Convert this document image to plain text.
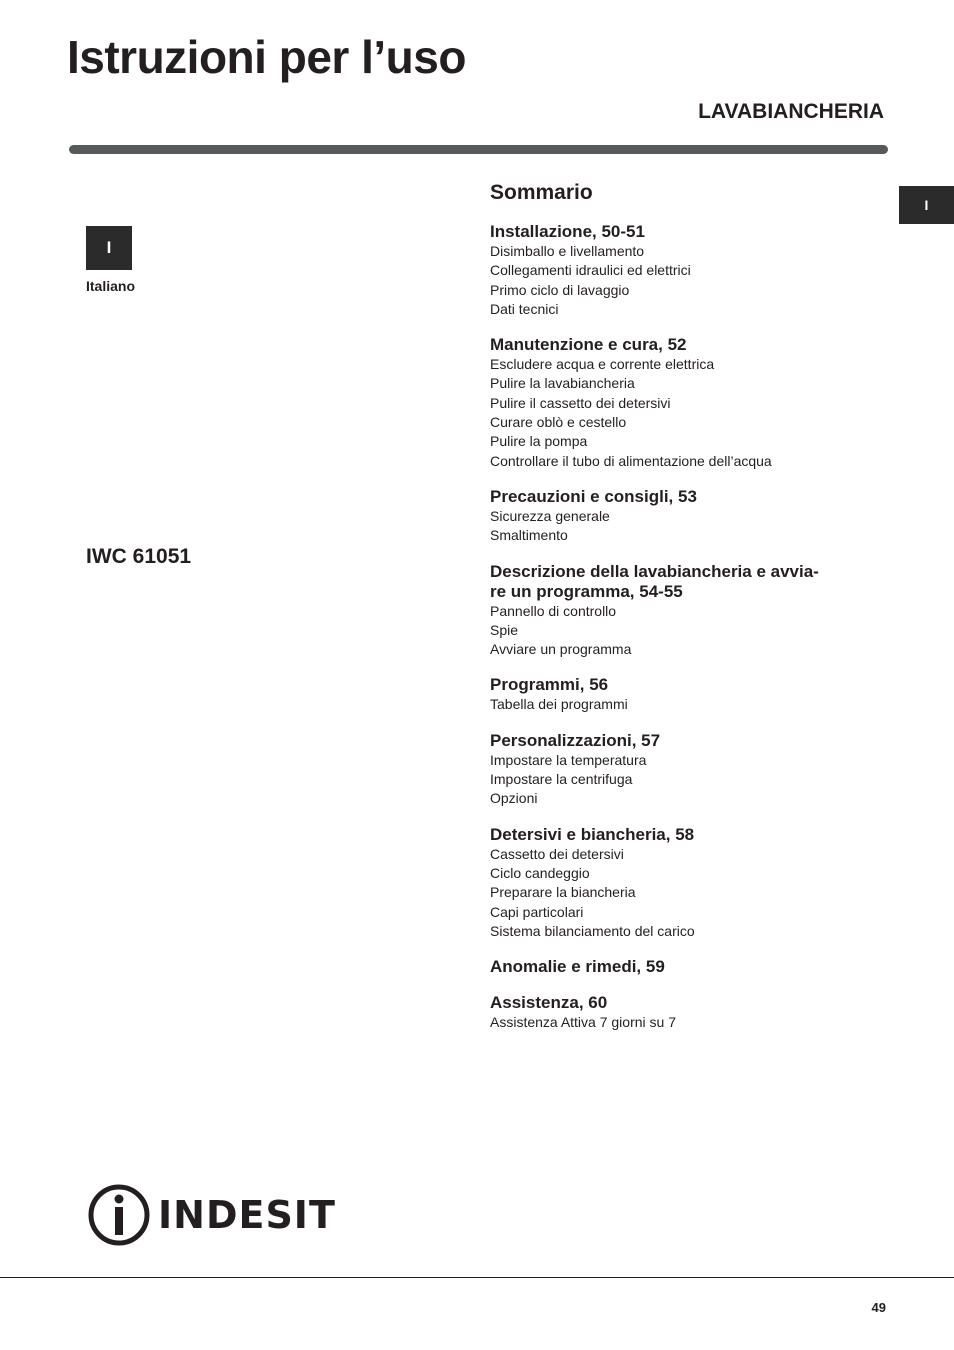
Istruzioni per l’uso
LAVABIANCHERIA
I
I
Italiano
IWC 61051
Sommario
Installazione, 50-51
Disimballo e livellamento
Collegamenti idraulici ed elettrici
Primo ciclo di lavaggio
Dati tecnici
Manutenzione e cura, 52
Escludere acqua e corrente elettrica
Pulire la lavabiancheria
Pulire il cassetto dei detersivi
Curare oblò e cestello
Pulire la pompa
Controllare il tubo di alimentazione dell’acqua
Precauzioni e consigli, 53
Sicurezza generale
Smaltimento
Descrizione della lavabiancheria e avvia-
re un programma, 54-55
Pannello di controllo
Spie
Avviare un programma
Programmi, 56
Tabella dei programmi
Personalizzazioni, 57
Impostare la temperatura
Impostare la centrifuga
Opzioni
Detersivi e biancheria, 58
Cassetto dei detersivi
Ciclo candeggio
Preparare la biancheria
Capi particolari
Sistema bilanciamento del carico
Anomalie e rimedi, 59
Assistenza, 60
Assistenza Attiva 7 giorni su 7
INDESIT
49
